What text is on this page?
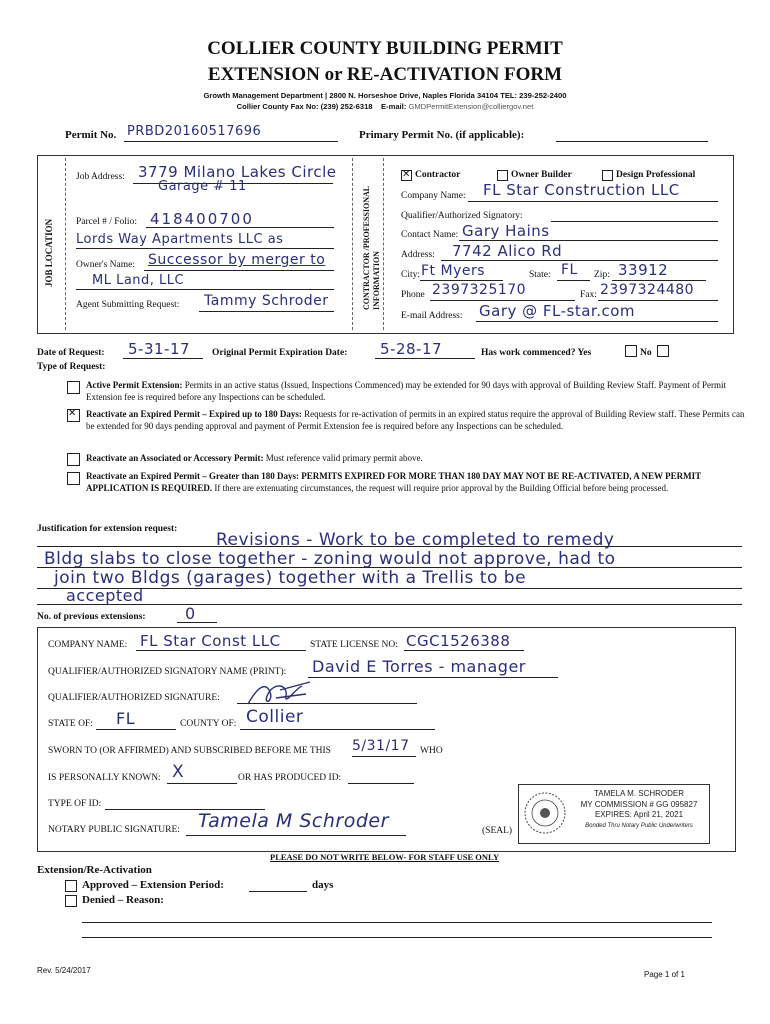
COLLIER COUNTY BUILDING PERMIT
EXTENSION or RE-ACTIVATION FORM
Growth Management Department | 2800 N. Horseshoe Drive, Naples Florida 34104 TEL: 239-252-2400
Collier County Fax No: (239) 252-6318 E-mail: GMDPermitExtension@colliergov.net
Permit No. PRBD20160517696	Primary Permit No. (if applicable):
JOB LOCATION	CONTRACTOR /PROFESSIONAL INFORMATION
Job Address: 3779 Milano Lakes Circle
Garage # 11
Parcel # / Folio: 418400700
Lords Way Apartments LLC as
Owner's Name: Successor by merger to
ML Land, LLC
Agent Submitting Request: Tammy Schroder
✕
Contractor	Owner Builder	Design Professional
Company Name: FL Star Construction LLC
Qualifier/Authorized Signatory:
Contact Name: Gary Hains
Address: 7742 Alico Rd
City: Ft Myers	State: FL Zip: 33912
Phone 2397325170	Fax: 2397324480
E-mail Address: Gary @ FL-star.com
Date of Request: 5-31-17 Original Permit Expiration Date: 5-28-17	Has work commenced? Yes	No
Type of Request:
Active Permit Extension: Permits in an active status (Issued, Inspections Commenced) may be extended for 90 days with approval of Building Review Staff. Payment of Permit Extension fee is required before any Inspections can be scheduled.
✕
Reactivate an Expired Permit – Expired up to 180 Days: Requests for re-activation of permits in an expired status require the approval of Building Review staff. These Permits can be extended for 90 days pending approval and payment of Permit Extension fee is required before any Inspections can be scheduled.
Reactivate an Associated or Accessory Permit: Must reference valid primary permit above.
Reactivate an Expired Permit – Greater than 180 Days: PERMITS EXPIRED FOR MORE THAN 180 DAY MAY NOT BE RE-ACTIVATED, A NEW PERMIT APPLICATION IS REQUIRED. If there are extenuating circumstances, the request will require prior approval by the Building Official before being processed.
Justification for extension request:
Revisions - Work to be completed to remedy
Bldg slabs to close together - zoning would not approve, had to
join two Bldgs (garages) together with a Trellis to be
accepted
No. of previous extensions: 0
COMPANY NAME: FL Star Const LLC	STATE LICENSE NO: CGC1526388
QUALIFIER/AUTHORIZED SIGNATORY NAME (PRINT): David E Torres - manager
QUALIFIER/AUTHORIZED SIGNATURE:
STATE OF: FL	COUNTY OF: Collier
SWORN TO (OR AFFIRMED) AND SUBSCRIBED BEFORE ME THIS 5/31/17 WHO
IS PERSONALLY KNOWN: X	OR HAS PRODUCED ID:
TYPE OF ID:
NOTARY PUBLIC SIGNATURE: Tamela M Schroder	(SEAL)
TAMELA M. SCHRODER
MY COMMISSION # GG 095827
EXPIRES: April 21, 2021
Bonded Thru Notary Public Underwriters
PLEASE DO NOT WRITE BELOW- FOR STAFF USE ONLY
Extension/Re-Activation
Approved – Extension Period:	days
Denied – Reason:
Rev. 5/24/2017	Page 1 of 1
